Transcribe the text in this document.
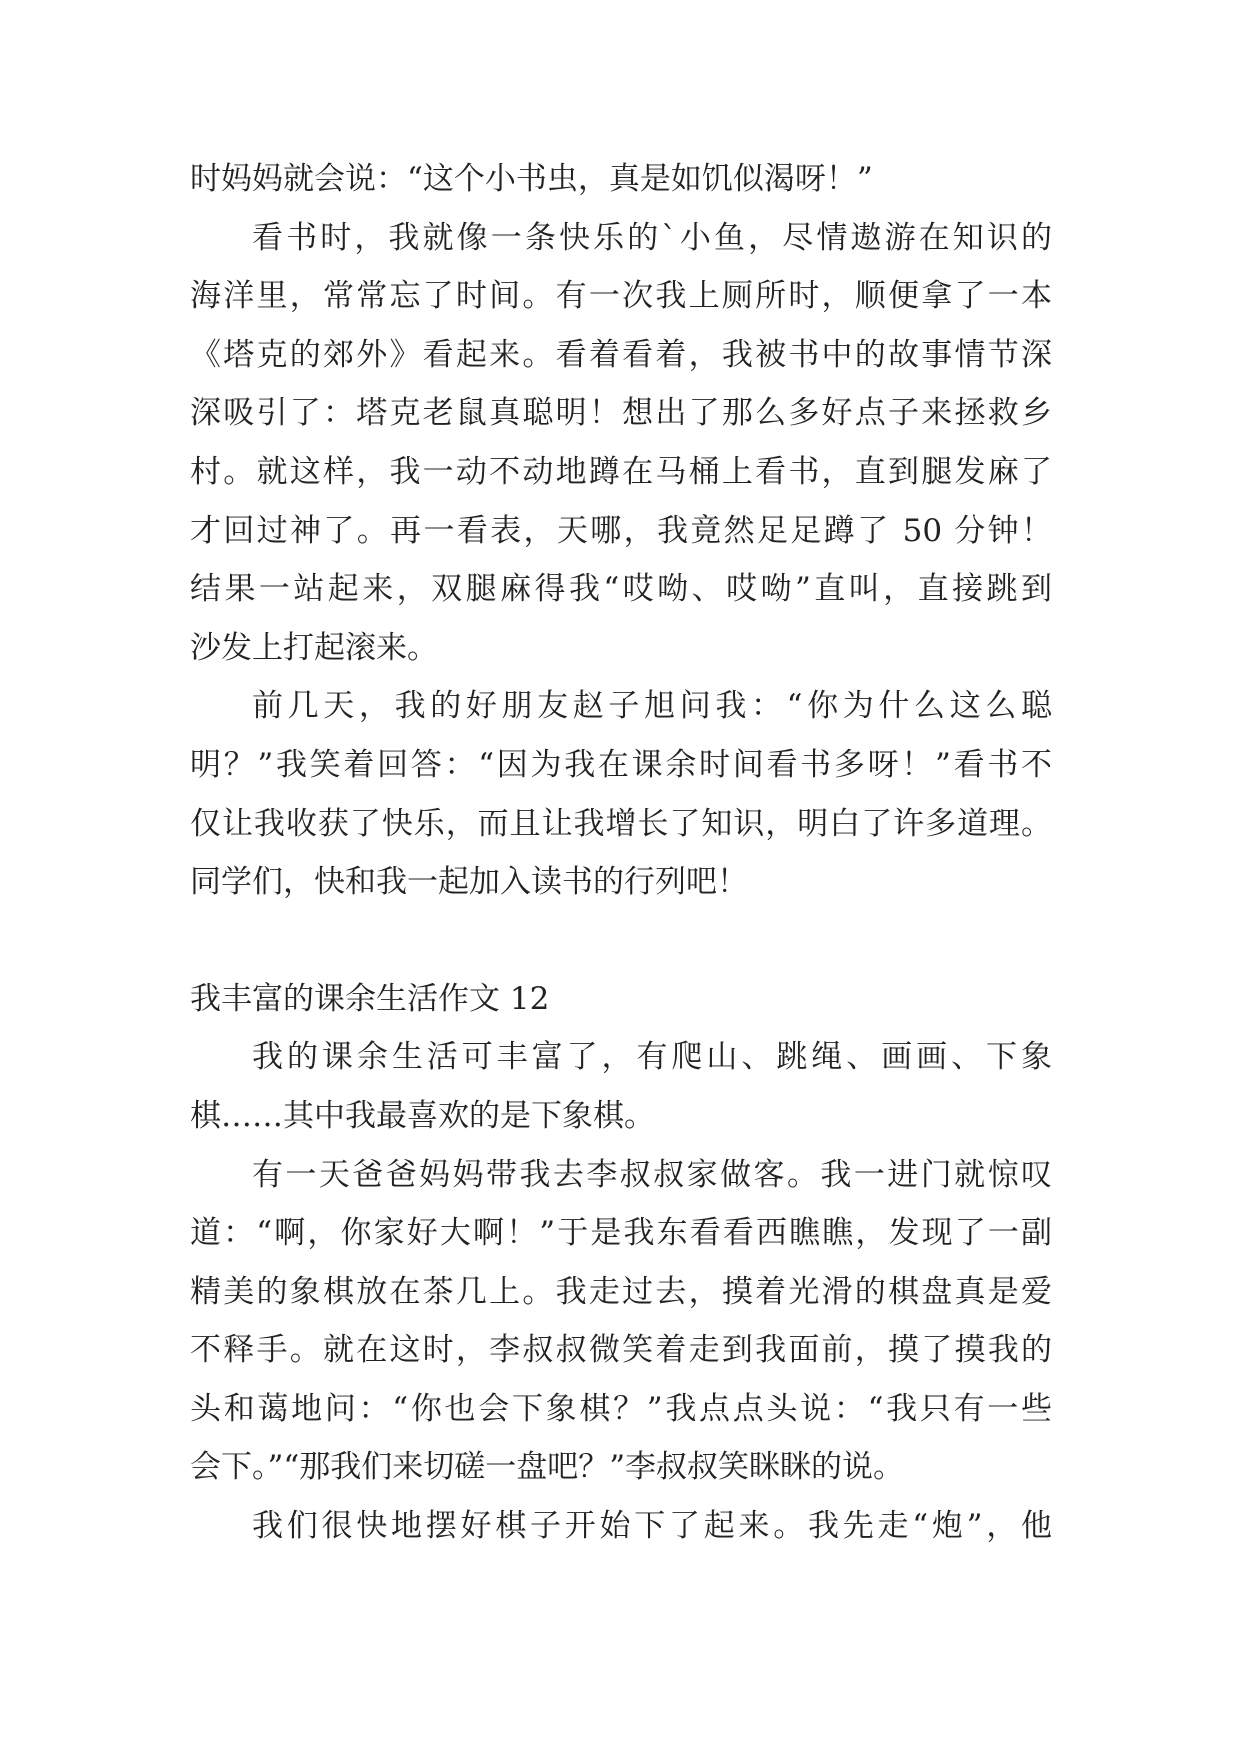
时妈妈就会说：“这个小书虫，真是如饥似渴呀！”
看书时，我就像一条快乐的`小鱼，尽情遨游在知识的
海洋里，常常忘了时间。有一次我上厕所时，顺便拿了一本
《塔克的郊外》看起来。看着看着，我被书中的故事情节深
深吸引了：塔克老鼠真聪明！想出了那么多好点子来拯救乡
村。就这样，我一动不动地蹲在马桶上看书，直到腿发麻了
才回过神了。再一看表，天哪，我竟然足足蹲了 50 分钟！
结果一站起来，双腿麻得我“哎呦、哎呦”直叫，直接跳到
沙发上打起滚来。
前几天，我的好朋友赵子旭问我：“你为什么这么聪
明？”我笑着回答：“因为我在课余时间看书多呀！”看书不
仅让我收获了快乐，而且让我增长了知识，明白了许多道理。
同学们，快和我一起加入读书的行列吧！
我丰富的课余生活作文 12
我的课余生活可丰富了，有爬山、跳绳、画画、下象
棋……其中我最喜欢的是下象棋。
有一天爸爸妈妈带我去李叔叔家做客。我一进门就惊叹
道：“啊，你家好大啊！”于是我东看看西瞧瞧，发现了一副
精美的象棋放在茶几上。我走过去，摸着光滑的棋盘真是爱
不释手。就在这时，李叔叔微笑着走到我面前，摸了摸我的
头和蔼地问：“你也会下象棋？”我点点头说：“我只有一些
会下。”“那我们来切磋一盘吧？”李叔叔笑眯眯的说。
我们很快地摆好棋子开始下了起来。我先走“炮”，他
